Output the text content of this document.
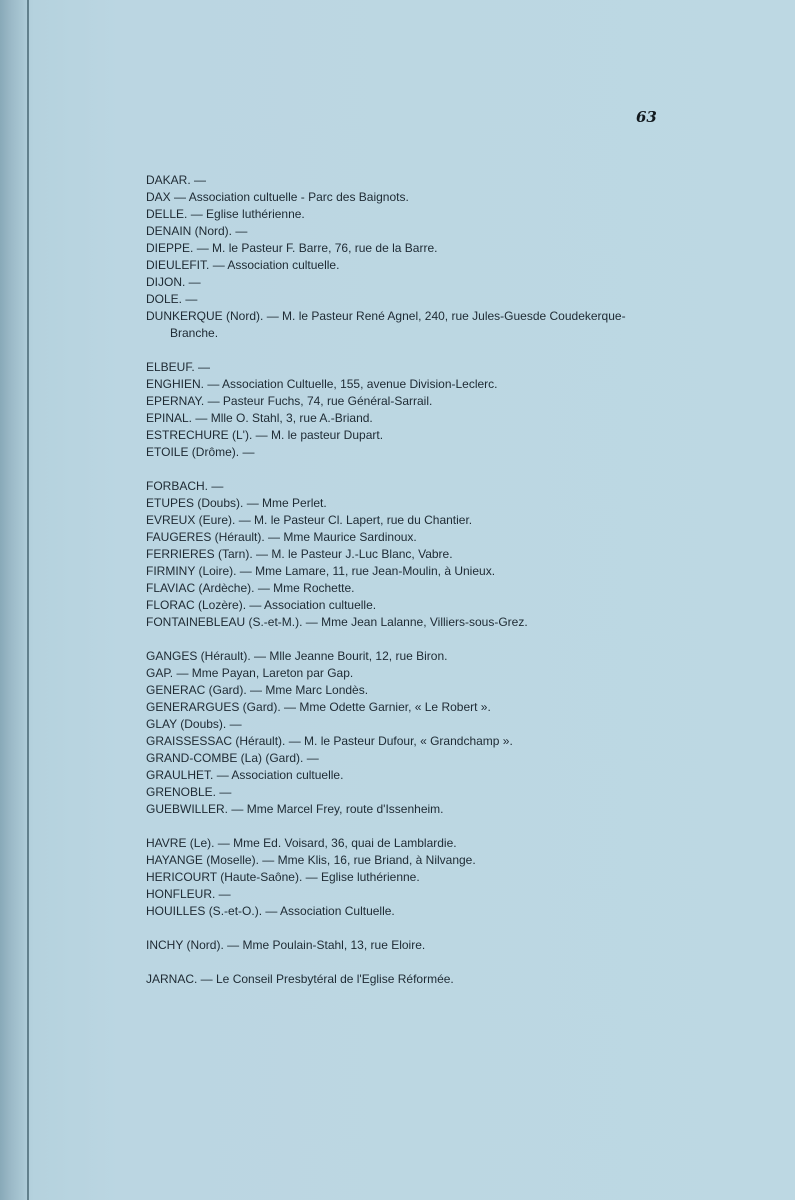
63
DAKAR. —
DAX — Association cultuelle - Parc des Baignots.
DELLE. — Eglise luthérienne.
DENAIN (Nord). —
DIEPPE. — M. le Pasteur F. Barre, 76, rue de la Barre.
DIEULEFIT. — Association cultuelle.
DIJON. —
DOLE. —
DUNKERQUE (Nord). — M. le Pasteur René Agnel, 240, rue Jules-Guesde Coudekerque-Branche.
ELBEUF. —
ENGHIEN. — Association Cultuelle, 155, avenue Division-Leclerc.
EPERNAY. — Pasteur Fuchs, 74, rue Général-Sarrail.
EPINAL. — Mlle O. Stahl, 3, rue A.-Briand.
ESTRECHURE (L'). — M. le pasteur Dupart.
ETOILE (Drôme). —
FORBACH. —
ETUPES (Doubs). — Mme Perlet.
EVREUX (Eure). — M. le Pasteur Cl. Lapert, rue du Chantier.
FAUGERES (Hérault). — Mme Maurice Sardinoux.
FERRIERES (Tarn). — M. le Pasteur J.-Luc Blanc, Vabre.
FIRMINY (Loire). — Mme Lamare, 11, rue Jean-Moulin, à Unieux.
FLAVIAC (Ardèche). — Mme Rochette.
FLORAC (Lozère). — Association cultuelle.
FONTAINEBLEAU (S.-et-M.). — Mme Jean Lalanne, Villiers-sous-Grez.
GANGES (Hérault). — Mlle Jeanne Bourit, 12, rue Biron.
GAP. — Mme Payan, Lareton par Gap.
GENERAC (Gard). — Mme Marc Londès.
GENERARGUES (Gard). — Mme Odette Garnier, « Le Robert ».
GLAY (Doubs). —
GRAISSESSAC (Hérault). — M. le Pasteur Dufour, « Grandchamp ».
GRAND-COMBE (La) (Gard). —
GRAULHET. — Association cultuelle.
GRENOBLE. —
GUEBWILLER. — Mme Marcel Frey, route d'Issenheim.
HAVRE (Le). — Mme Ed. Voisard, 36, quai de Lamblardie.
HAYANGE (Moselle). — Mme Klis, 16, rue Briand, à Nilvange.
HERICOURT (Haute-Saône). — Eglise luthérienne.
HONFLEUR. —
HOUILLES (S.-et-O.). — Association Cultuelle.
INCHY (Nord). — Mme Poulain-Stahl, 13, rue Eloire.
JARNAC. — Le Conseil Presbytéral de l'Eglise Réformée.
